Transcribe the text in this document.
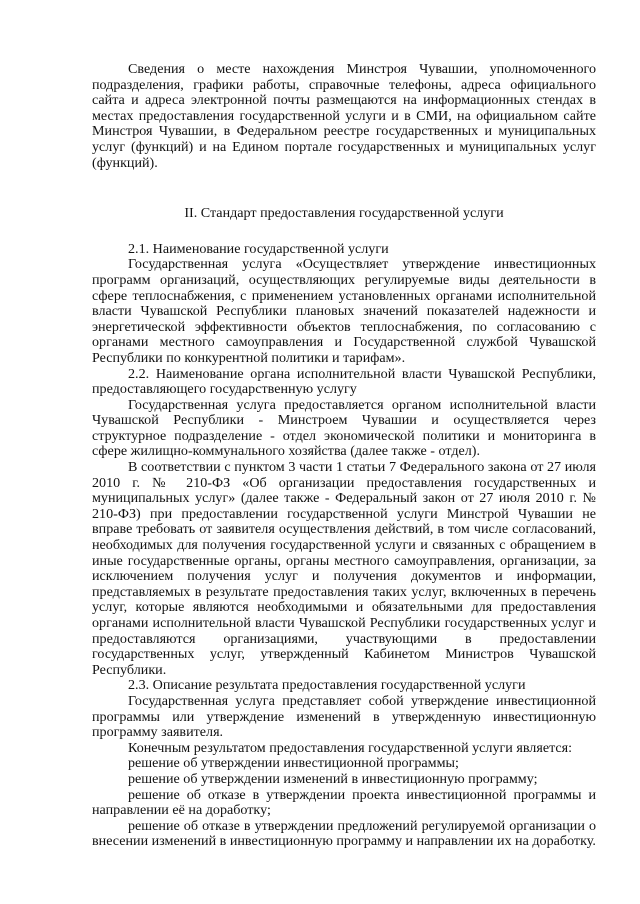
Сведения о месте нахождения Минстроя Чувашии, уполномоченного подразделения, графики работы, справочные телефоны, адреса официального сайта и адреса электронной почты размещаются на информационных стендах в местах предоставления государственной услуги и в СМИ, на официальном сайте Минстроя Чувашии, в Федеральном реестре государственных и муниципальных услуг (функций) и на Едином портале государственных и муниципальных услуг (функций).

II. Стандарт предоставления государственной услуги

2.1. Наименование государственной услуги

Государственная услуга «Осуществляет утверждение инвестиционных программ организаций, осуществляющих регулируемые виды деятельности в сфере теплоснабжения, с применением установленных органами исполнительной власти Чувашской Республики плановых значений показателей надежности и энергетической эффективности объектов теплоснабжения, по согласованию с органами местного самоуправления и Государственной службой Чувашской Республики по конкурентной политики и тарифам».

2.2. Наименование органа исполнительной власти Чувашской Республики, предоставляющего государственную услугу

Государственная услуга предоставляется органом исполнительной власти Чувашской Республики - Минстроем Чувашии и осуществляется через структурное подразделение - отдел экономической политики и мониторинга в сфере жилищно-коммунального хозяйства (далее также - отдел).

В соответствии с пунктом 3 части 1 статьи 7 Федерального закона от 27 июля 2010 г. № 210-ФЗ «Об организации предоставления государственных и муниципальных услуг» (далее также - Федеральный закон от 27 июля 2010 г. № 210-ФЗ) при предоставлении государственной услуги Минстрой Чувашии не вправе требовать от заявителя осуществления действий, в том числе согласований, необходимых для получения государственной услуги и связанных с обращением в иные государственные органы, органы местного самоуправления, организации, за исключением получения услуг и получения документов и информации, представляемых в результате предоставления таких услуг, включенных в перечень услуг, которые являются необходимыми и обязательными для предоставления органами исполнительной власти Чувашской Республики государственных услуг и предоставляются организациями, участвующими в предоставлении государственных услуг, утвержденный Кабинетом Министров Чувашской Республики.

2.3. Описание результата предоставления государственной услуги

Государственная услуга представляет собой утверждение инвестиционной программы или утверждение изменений в утвержденную инвестиционную программу заявителя.

Конечным результатом предоставления государственной услуги является:

решение об утверждении инвестиционной программы;

решение об утверждении изменений в инвестиционную программу;

решение об отказе в утверждении проекта инвестиционной программы и направлении её на доработку;

решение об отказе в утверждении предложений регулируемой организации о внесении изменений в инвестиционную программу и направлении их на доработку.
